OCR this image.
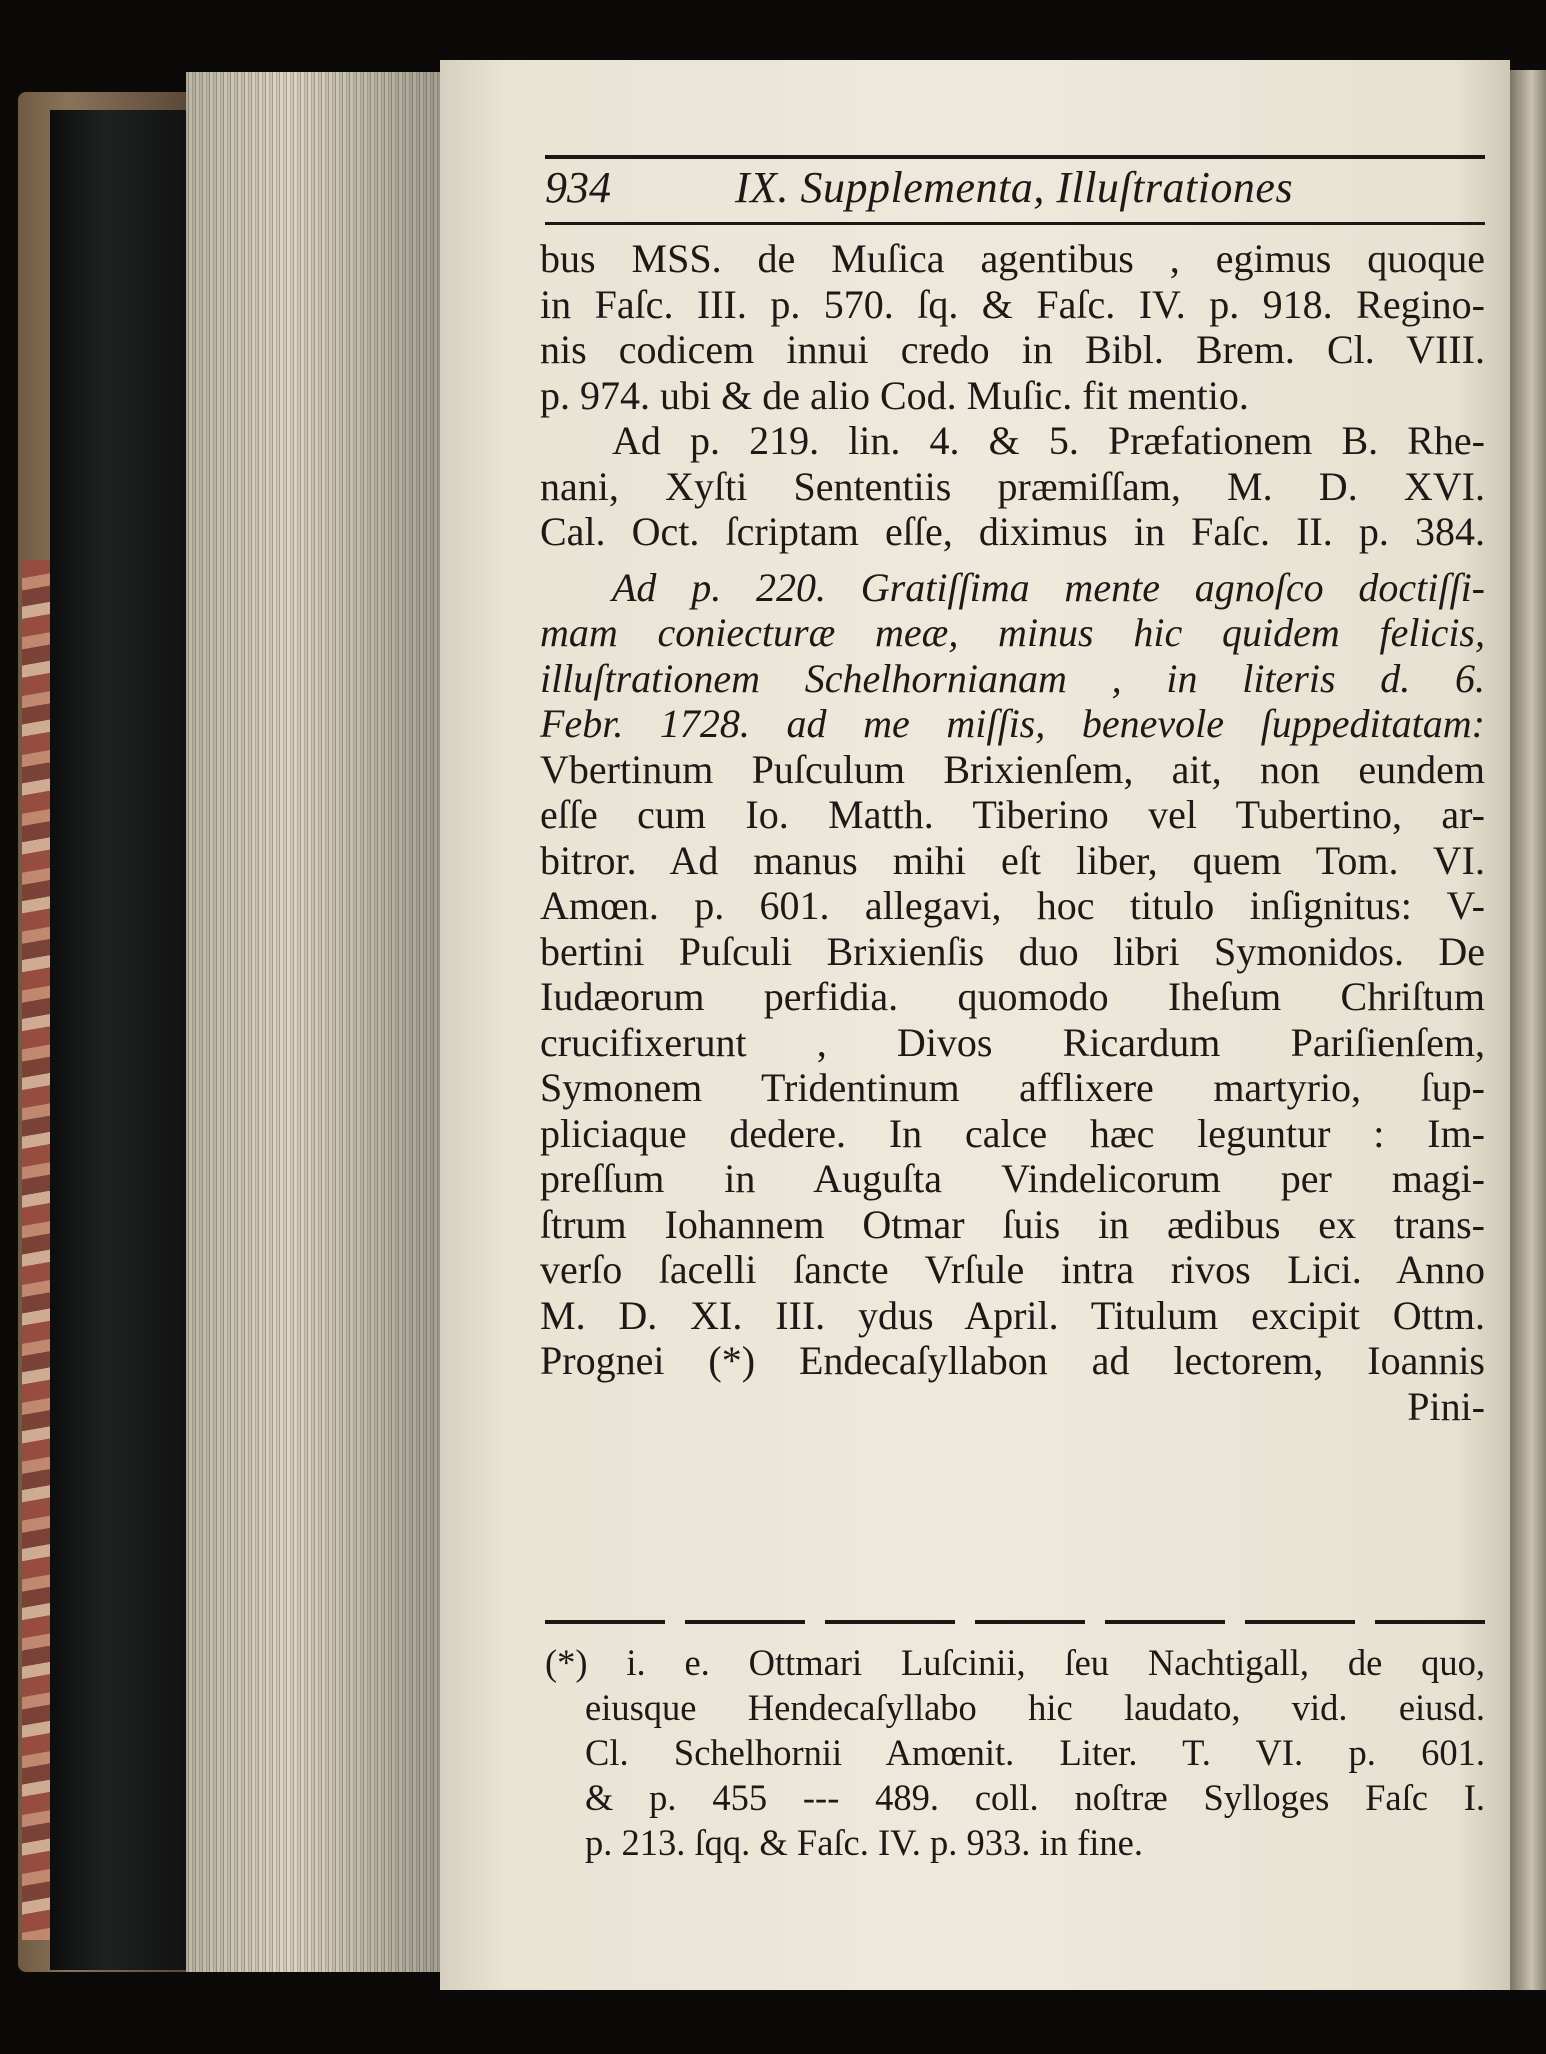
934	IX. Supplementa, Illuſtrationes
bus MSS. de Muſica agentibus , egimus quoque
in Faſc. III. p. 570. ſq. & Faſc. IV. p. 918. Regino-
nis codicem innui credo in Bibl. Brem. Cl. VIII.
p. 974. ubi & de alio Cod. Muſic. fit mentio.
Ad p. 219. lin. 4. & 5. Præfationem B. Rhe-
nani, Xyſti Sententiis præmiſſam, M. D. XVI.
Cal. Oct. ſcriptam eſſe, diximus in Faſc. II. p. 384.
Ad p. 220. Gratiſſima mente agnoſco doctiſſi-
mam coniecturæ meæ, minus hic quidem felicis,
illuſtrationem Schelhornianam , in literis d. 6.
Febr. 1728. ad me miſſis, benevole ſuppeditatam:
Vbertinum Puſculum Brixienſem, ait, non eundem
eſſe cum Io. Matth. Tiberino vel Tubertino, ar-
bitror. Ad manus mihi eſt liber, quem Tom. VI.
Amœn. p. 601. allegavi, hoc titulo inſignitus: V-
bertini Puſculi Brixienſis duo libri Symonidos. De
Iudæorum perfidia. quomodo Iheſum Chriſtum
crucifixerunt , Divos Ricardum Pariſienſem,
Symonem Tridentinum afflixere martyrio, ſup-
pliciaque dedere. In calce hæc leguntur : Im-
preſſum in Auguſta Vindelicorum per magi-
ſtrum Iohannem Otmar ſuis in ædibus ex trans-
verſo ſacelli ſancte Vrſule intra rivos Lici. Anno
M. D. XI. III. ydus April. Titulum excipit Ottm.
Prognei (*) Endecaſyllabon ad lectorem, Ioannis
Pini-
(*) i. e. Ottmari Luſcinii, ſeu Nachtigall, de quo,
eiusque Hendecaſyllabo hic laudato, vid. eiusd.
Cl. Schelhornii Amœnit. Liter. T. VI. p. 601.
& p. 455 --- 489. coll. noſtræ Sylloges Faſc I.
p. 213. ſqq. & Faſc. IV. p. 933. in fine.
